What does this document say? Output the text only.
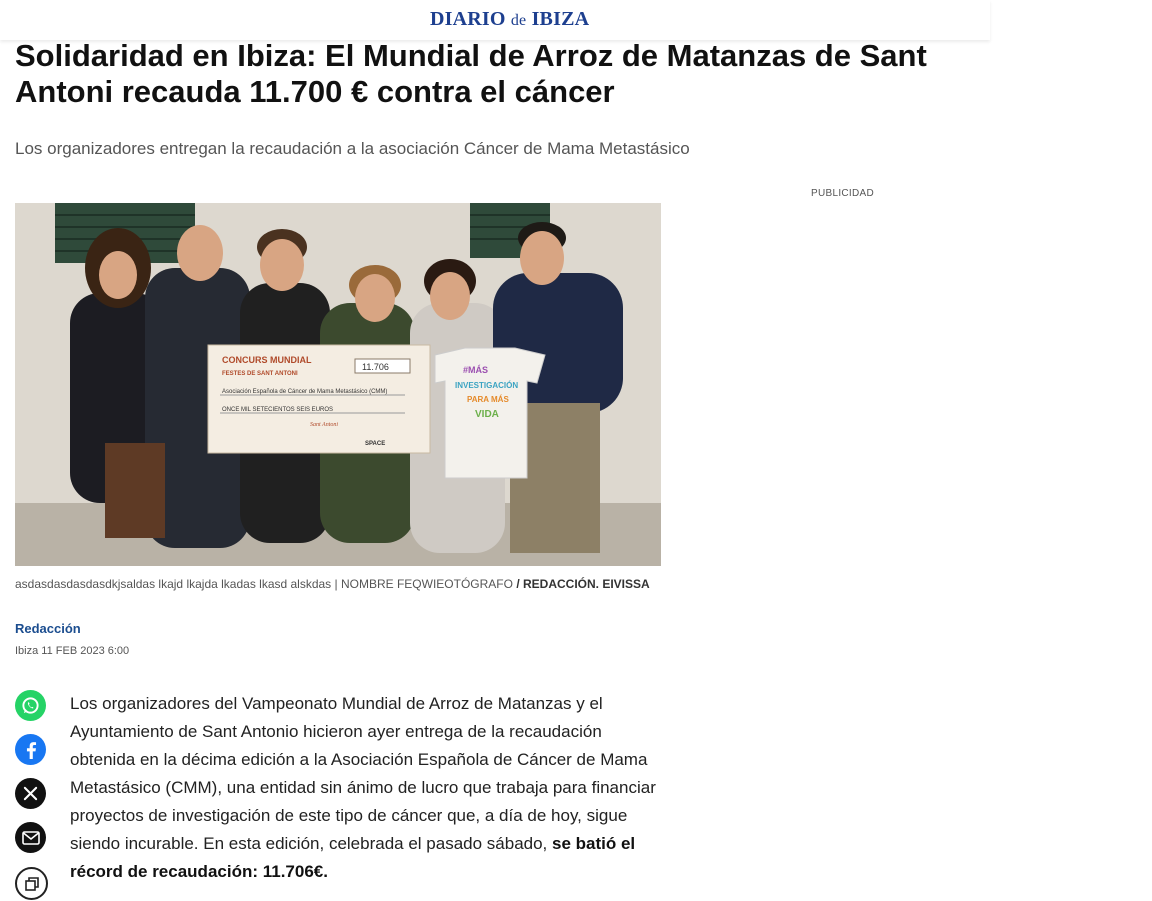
DIARIO de IBIZA
Solidaridad en Ibiza: El Mundial de Arroz de Matanzas de Sant Antoni recauda 11.700 € contra el cáncer

Los organizadores entregan la recaudación a la asociación Cáncer de Mama Metastásico

PUBLICIDAD
CONCURS MUNDIAL
FESTES DE SANT ANTONI
11.706
Asociación Española de Cáncer de Mama Metastásico (CMM)
ONCE MIL SETECIENTOS SEIS EUROS
Sant Antoni
SPACE
#MÁS
INVESTIGACIÓN
PARA MÁS
VIDA
asdasdasdasdasdkjsaldas lkajd lkajda lkadas lkasd alskdas | NOMBRE FEQWIEOTÓGRAFO / REDACCIÓN. EIVISSA
Redacción
Ibiza 11 FEB 2023 6:00

Los organizadores del Vampeonato Mundial de Arroz de Matanzas y el Ayuntamiento de Sant Antonio hicieron ayer entrega de la recaudación obtenida en la décima edición a la Asociación Española de Cáncer de Mama Metastásico (CMM), una entidad sin ánimo de lucro que trabaja para financiar proyectos de investigación de este tipo de cáncer que, a día de hoy, sigue siendo incurable. En esta edición, celebrada el pasado sábado, se batió el récord de recaudación: 11.706€.
